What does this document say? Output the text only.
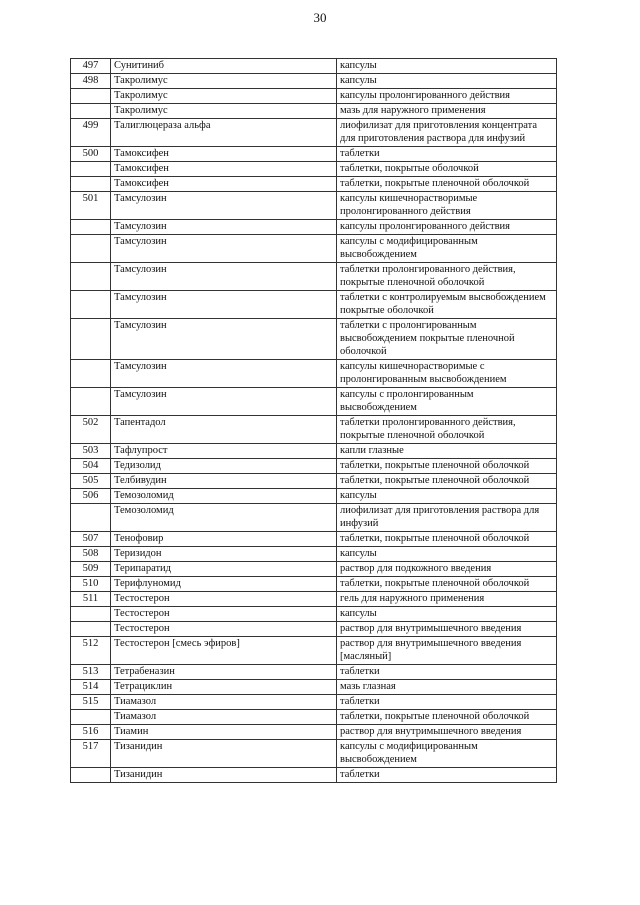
30
497	Сунитиниб	капсулы
498	Такролимус	капсулы
	Такролимус	капсулы пролонгированного действия
	Такролимус	мазь для наружного применения
499	Талиглюцераза альфа	лиофилизат для приготовления концентрата для приготовления раствора для инфузий
500	Тамоксифен	таблетки
	Тамоксифен	таблетки, покрытые оболочкой
	Тамоксифен	таблетки, покрытые пленочной оболочкой
501	Тамсулозин	капсулы кишечнорастворимые пролонгированного действия
	Тамсулозин	капсулы пролонгированного действия
	Тамсулозин	капсулы с модифицированным высвобождением
	Тамсулозин	таблетки пролонгированного действия, покрытые пленочной оболочкой
	Тамсулозин	таблетки с контролируемым высвобождением покрытые оболочкой
	Тамсулозин	таблетки с пролонгированным высвобождением покрытые пленочной оболочкой
	Тамсулозин	капсулы кишечнорастворимые с пролонгированным высвобождением
	Тамсулозин	капсулы с пролонгированным высвобождением
502	Тапентадол	таблетки пролонгированного действия, покрытые пленочной оболочкой
503	Тафлупрост	капли глазные
504	Тедизолид	таблетки, покрытые пленочной оболочкой
505	Телбивудин	таблетки, покрытые пленочной оболочкой
506	Темозоломид	капсулы
	Темозоломид	лиофилизат для приготовления раствора для инфузий
507	Тенофовир	таблетки, покрытые пленочной оболочкой
508	Теризидон	капсулы
509	Терипаратид	раствор для подкожного введения
510	Терифлуномид	таблетки, покрытые пленочной оболочкой
511	Тестостерон	гель для наружного применения
	Тестостерон	капсулы
	Тестостерон	раствор для внутримышечного введения
512	Тестостерон [смесь эфиров]	раствор для внутримышечного введения [масляный]
513	Тетрабеназин	таблетки
514	Тетрациклин	мазь глазная
515	Тиамазол	таблетки
	Тиамазол	таблетки, покрытые пленочной оболочкой
516	Тиамин	раствор для внутримышечного введения
517	Тизанидин	капсулы с модифицированным высвобождением
	Тизанидин	таблетки
